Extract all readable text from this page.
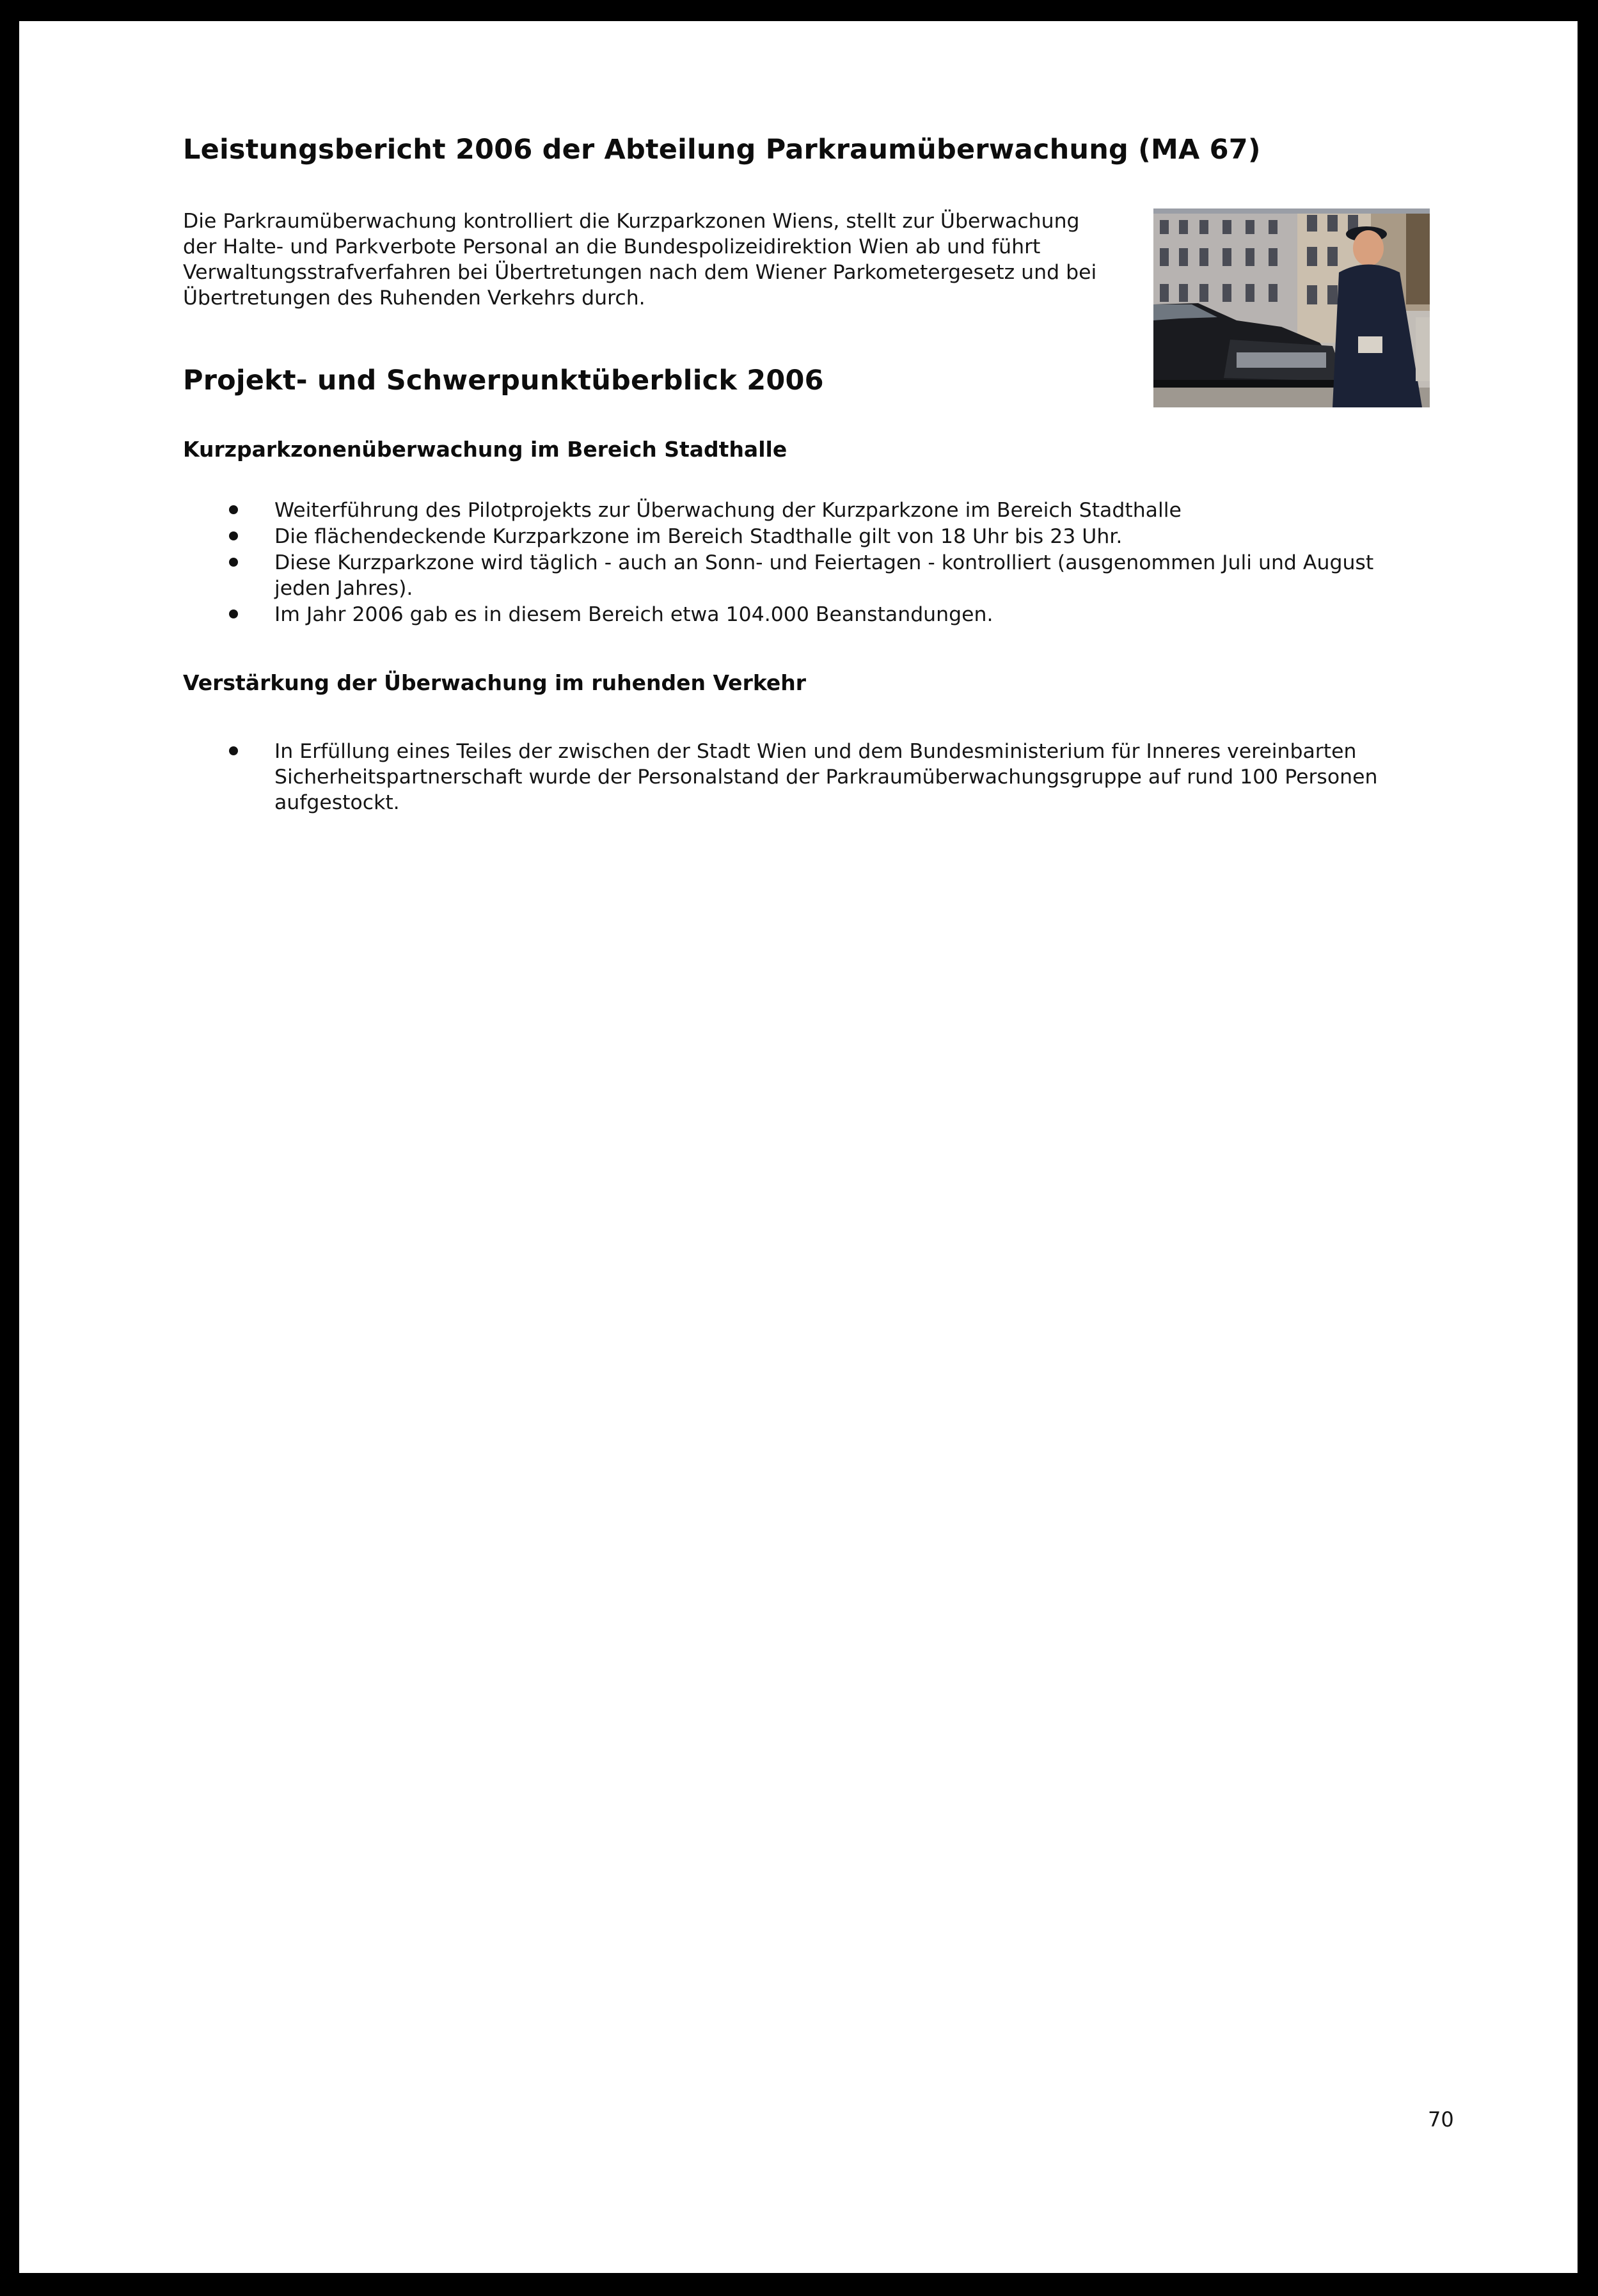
Leistungsbericht 2006 der Abteilung Parkraumüberwachung (MA 67)
Die Parkraumüberwachung kontrolliert die Kurzparkzonen Wiens, stellt zur Überwachung
der Halte- und Parkverbote Personal an die Bundespolizeidirektion Wien ab und führt
Verwaltungsstrafverfahren bei Übertretungen nach dem Wiener Parkometergesetz und bei
Übertretungen des Ruhenden Verkehrs durch.
Projekt- und Schwerpunktüberblick 2006
Kurzparkzonenüberwachung im Bereich Stadthalle
Weiterführung des Pilotprojekts zur Überwachung der Kurzparkzone im Bereich Stadthalle
Die flächendeckende Kurzparkzone im Bereich Stadthalle gilt von 18 Uhr bis 23 Uhr.
Diese Kurzparkzone wird täglich - auch an Sonn- und Feiertagen - kontrolliert (ausgenommen Juli und August
jeden Jahres).
Im Jahr 2006 gab es in diesem Bereich etwa 104.000 Beanstandungen.
Verstärkung der Überwachung im ruhenden Verkehr
In Erfüllung eines Teiles der zwischen der Stadt Wien und dem Bundesministerium für Inneres vereinbarten
Sicherheitspartnerschaft wurde der Personalstand der Parkraumüberwachungsgruppe auf rund 100 Personen
aufgestockt.
70
